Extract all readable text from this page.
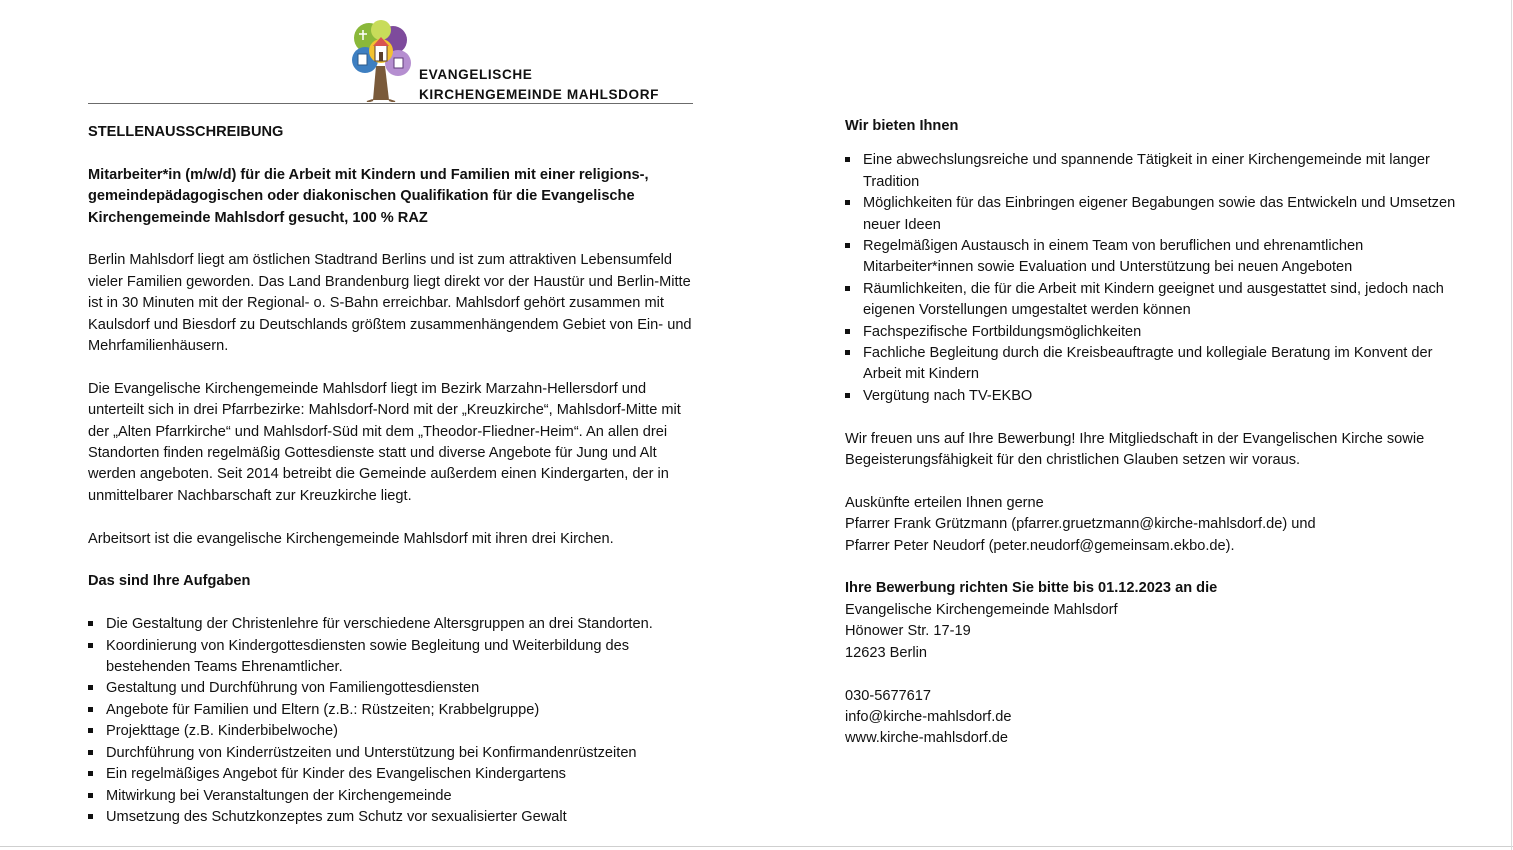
EVANGELISCHE
KIRCHENGEMEINDE MAHLSDORF

STELLENAUSSCHREIBUNG

Mitarbeiter*in (m/w/d) für die Arbeit mit Kindern und Familien mit einer religions-, gemeindepädagogischen oder diakonischen Qualifikation für die Evangelische Kirchengemeinde Mahlsdorf gesucht, 100 % RAZ

Berlin Mahlsdorf liegt am östlichen Stadtrand Berlins und ist zum attraktiven Lebensumfeld vieler Familien geworden. Das Land Brandenburg liegt direkt vor der Haustür und Berlin-Mitte ist in 30 Minuten mit der Regional- o. S-Bahn erreichbar. Mahlsdorf gehört zusammen mit Kaulsdorf und Biesdorf zu Deutschlands größtem zusammenhängendem Gebiet von Ein- und Mehrfamilienhäusern.

Die Evangelische Kirchengemeinde Mahlsdorf liegt im Bezirk Marzahn-Hellersdorf und unterteilt sich in drei Pfarrbezirke: Mahlsdorf-Nord mit der „Kreuzkirche“, Mahlsdorf-Mitte mit der „Alten Pfarrkirche“ und Mahlsdorf-Süd mit dem „Theodor-Fliedner-Heim“. An allen drei Standorten finden regelmäßig Gottesdienste statt und diverse Angebote für Jung und Alt werden angeboten. Seit 2014 betreibt die Gemeinde außerdem einen Kindergarten, der in unmittelbarer Nachbarschaft zur Kreuzkirche liegt.

Arbeitsort ist die evangelische Kirchengemeinde Mahlsdorf mit ihren drei Kirchen.

Das sind Ihre Aufgaben

Die Gestaltung der Christenlehre für verschiedene Altersgruppen an drei Standorten.
Koordinierung von Kindergottesdiensten sowie Begleitung und Weiterbildung des bestehenden Teams Ehrenamtlicher.
Gestaltung und Durchführung von Familiengottesdiensten
Angebote für Familien und Eltern (z.B.: Rüstzeiten; Krabbelgruppe)
Projekttage (z.B. Kinderbibelwoche)
Durchführung von Kinderrüstzeiten und Unterstützung bei Konfirmandenrüstzeiten
Ein regelmäßiges Angebot für Kinder des Evangelischen Kindergartens
Mitwirkung bei Veranstaltungen der Kirchengemeinde
Umsetzung des Schutzkonzeptes zum Schutz vor sexualisierter Gewalt

Wir bieten Ihnen

Eine abwechslungsreiche und spannende Tätigkeit in einer Kirchengemeinde mit langer Tradition
Möglichkeiten für das Einbringen eigener Begabungen sowie das Entwickeln und Umsetzen neuer Ideen
Regelmäßigen Austausch in einem Team von beruflichen und ehrenamtlichen Mitarbeiter*innen sowie Evaluation und Unterstützung bei neuen Angeboten
Räumlichkeiten, die für die Arbeit mit Kindern geeignet und ausgestattet sind, jedoch nach eigenen Vorstellungen umgestaltet werden können
Fachspezifische Fortbildungsmöglichkeiten
Fachliche Begleitung durch die Kreisbeauftragte und kollegiale Beratung im Konvent der Arbeit mit Kindern
Vergütung nach TV-EKBO

Wir freuen uns auf Ihre Bewerbung! Ihre Mitgliedschaft in der Evangelischen Kirche sowie Begeisterungsfähigkeit für den christlichen Glauben setzen wir voraus.

Auskünfte erteilen Ihnen gerne

Pfarrer Frank Grützmann (pfarrer.gruetzmann@kirche-mahlsdorf.de) und

Pfarrer Peter Neudorf (peter.neudorf@gemeinsam.ekbo.de).

Ihre Bewerbung richten Sie bitte bis 01.12.2023 an die

Evangelische Kirchengemeinde Mahlsdorf

Hönower Str. 17-19

12623 Berlin

030-5677617

info@kirche-mahlsdorf.de

www.kirche-mahlsdorf.de
